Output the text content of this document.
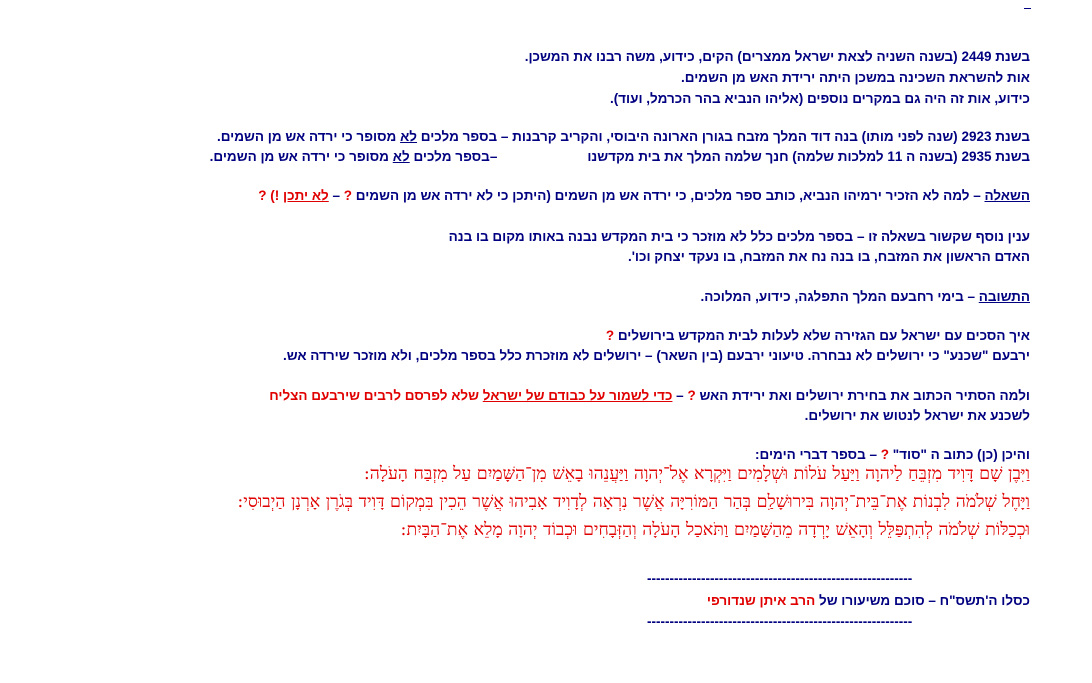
בשנת 2449 (בשנה השניה לצאת ישראל ממצרים) הקים, כידוע, משה רבנו את המשכן.
אות להשראת השכינה במשכן היתה ירידת האש מן השמים.
כידוע, אות זה היה גם במקרים נוספים (אליהו הנביא בהר הכרמל, ועוד).
בשנת 2923 (שנה לפני מותו) בנה דוד המלך מזבח בגורן הארונה היבוסי, והקריב קרבנות – בספר מלכים לא מסופר כי ירדה אש מן השמים.
בשנת 2935 (בשנה ה 11 למלכות שלמה) חנך שלמה המלך את בית מקדשנו–בספר מלכים לא מסופר כי ירדה אש מן השמים.
השאלה – למה לא הזכיר ירמיהו הנביא, כותב ספר מלכים, כי ירדה אש מן השמים (היתכן כי לא ירדה אש מן השמים ? – לא יתכן !) ?
ענין נוסף שקשור בשאלה זו – בספר מלכים כלל לא מוזכר כי בית המקדש נבנה באותו מקום בו בנה
האדם הראשון את המזבח, בו בנה נח את המזבח, בו נעקד יצחק וכו'.
התשובה – בימי רחבעם המלך התפלגה, כידוע, המלוכה.
איך הסכים עם ישראל עם הגזירה שלא לעלות לבית המקדש בירושלים ?
ירבעם "שכנע" כי ירושלים לא נבחרה. טיעוני ירבעם (בין השאר) – ירושלים לא מוזכרת כלל בספר מלכים, ולא מוזכר שירדה אש.
ולמה הסתיר הכתוב את בחירת ירושלים ואת ירידת האש ? – כדי לשמור על כבודם של ישראל שלא לפרסם לרבים שירבעם הצליח
לשכנע את ישראל לנטוש את ירושלים.
והיכן (כן) כתוב ה "סוד" ? – בספר דברי הימים:
וַיִּבֶן שָׁם דָּוִיד מִזְבֵּחַ לַיהוָה וַיַּעַל עֹלוֹת וּשְׁלָמִים וַיִּקְרָא אֶל־יְהוָה וַיַּעֲנֵהוּ בָאֵשׁ מִן־הַשָּׁמַיִם עַל מִזְבַּח הָעֹלָה:
וַיָּחֶל שְׁלֹמֹה לִבְנוֹת אֶת־בֵּית־יְהוָה בִּירוּשָׁלִַם בְּהַר הַמּוֹרִיָּה אֲשֶׁר נִרְאָה לְדָוִיד אָבִיהוּ אֲשֶׁר הֵכִין בִּמְקוֹם דָּוִיד בְּגֹרֶן אָרְנָן הַיְבוּסִי:
וּכְכַלּוֹת שְׁלֹמֹה לְהִתְפַּלֵּל וְהָאֵשׁ יָרְדָה מֵהַשָּׁמַיִם וַתֹּאכַל הָעֹלָה וְהַזְּבָחִים וּכְבוֹד יְהוָה מָלֵא אֶת־הַבָּיִת:
-----------------------------------------------------------
כסלו ה'תשס"ח – סוכם משיעורו של הרב איתן שנדורפי
-----------------------------------------------------------
